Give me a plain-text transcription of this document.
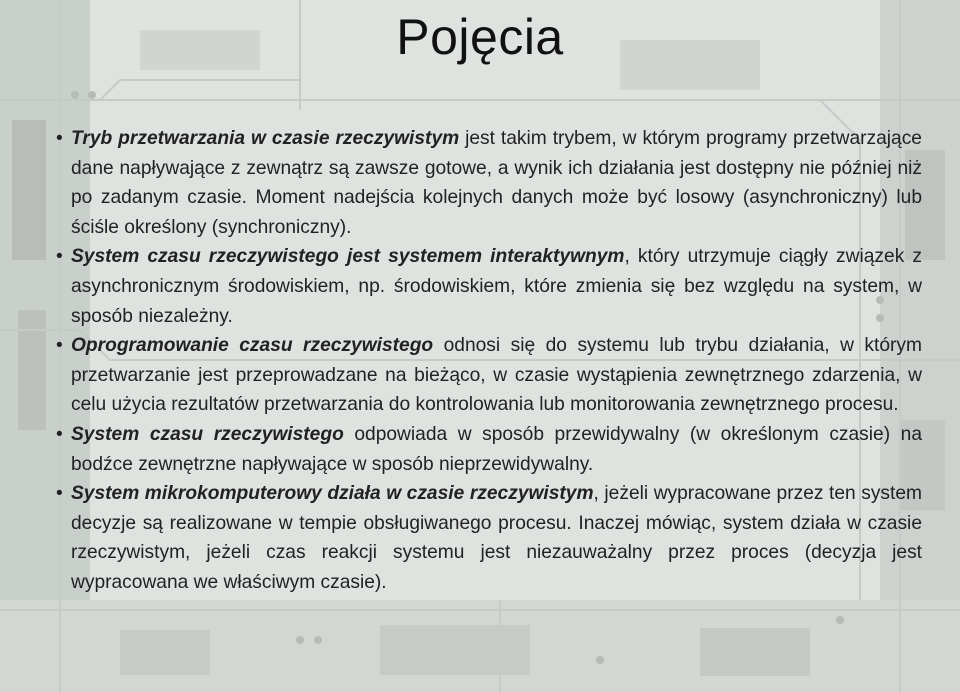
Pojęcia

• Tryb przetwarzania w czasie rzeczywistym jest takim trybem, w którym programy przetwarzające dane napływające z zewnątrz są zawsze gotowe, a wynik ich działania jest dostępny nie później niż po zadanym czasie. Moment nadejścia kolejnych danych może być losowy (asynchroniczny) lub ściśle określony (synchroniczny).

• System czasu rzeczywistego jest systemem interaktywnym, który utrzymuje ciągły związek z asynchronicznym środowiskiem, np. środowiskiem, które zmienia się bez względu na system, w sposób niezależny.

• Oprogramowanie czasu rzeczywistego odnosi się do systemu lub trybu działania, w którym przetwarzanie jest przeprowadzane na bieżąco, w czasie wystąpienia zewnętrznego zdarzenia, w celu użycia rezultatów przetwarzania do kontrolowania lub monitorowania zewnętrznego procesu.

• System czasu rzeczywistego odpowiada w sposób przewidywalny (w określonym czasie) na bodźce zewnętrzne napływające w sposób nieprzewidywalny.

• System mikrokomputerowy działa w czasie rzeczywistym, jeżeli wypracowane przez ten system decyzje są realizowane w tempie obsługiwanego procesu. Inaczej mówiąc, system działa w czasie rzeczywistym, jeżeli czas reakcji systemu jest niezauważalny przez proces (decyzja jest wypracowana we właściwym czasie).
